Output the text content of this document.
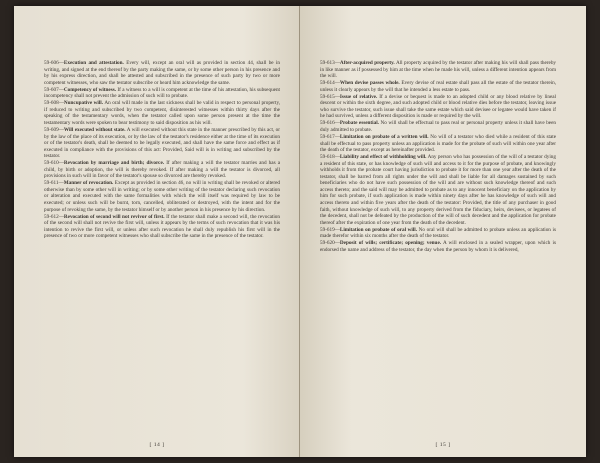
59-606—Execution and attestation. Every will, except an oral will as provided in section 44, shall be in writing, and signed at the end thereof by the party making the same, or by some other person in his presence and by his express direction, and shall be attested and subscribed in the presence of such party by two or more competent witnesses, who saw the testator subscribe or heard him acknowledge the same.

59-607—Competency of witness. If a witness to a will is competent at the time of his attestation, his subsequent incompetency shall not prevent the admission of such will to probate.

59-608—Nuncupative will. An oral will made in the last sickness shall be valid in respect to personal property, if reduced to writing and subscribed by two competent, disinterested witnesses within thirty days after the speaking of the testamentary words, when the testator called upon some person present at the time the testamentary words were spoken to bear testimony to said disposition as his will.

59-609—Will executed without state. A will executed without this state in the manner prescribed by this act, or by the law of the place of its execution, or by the law of the testator's residence either at the time of its execution or of the testator's death, shall be deemed to be legally executed, and shall have the same force and effect as if executed in compliance with the provisions of this act: Provided, Said will is in writing and subscribed by the testator.

59-610—Revocation by marriage and birth; divorce. If after making a will the testator marries and has a child, by birth or adoption, the will is thereby revoked. If after making a will the testator is divorced, all provisions in such will in favor of the testator's spouse so divorced are thereby revoked.

59-611—Manner of revocation. Except as provided in section 46, no will in writing shall be revoked or altered otherwise than by some other will in writing; or by some other writing of the testator declaring such revocation or alteration and executed with the same formalities with which the will itself was required by law to be executed; or unless such will be burnt, torn, cancelled, obliterated or destroyed, with the intent and for the purpose of revoking the same, by the testator himself or by another person in his presence by his direction.

59-612—Revocation of second will not revivor of first. If the testator shall make a second will, the revocation of the second will shall not revive the first will, unless it appears by the terms of such revocation that it was his intention to revive the first will, or unless after such revocation he shall duly republish his first will in the presence of two or more competent witnesses who shall subscribe the same in the presence of the testator.

[ 14 ]

59-613—After-acquired property. All property acquired by the testator after making his will shall pass thereby in like manner as if possessed by him at the time when he made his will, unless a different intention appears from the will.

59-614—When devise passes whole. Every devise of real estate shall pass all the estate of the testator therein, unless it clearly appears by the will that he intended a less estate to pass.

59-615—Issue of relative. If a devise or bequest is made to an adopted child or any blood relative by lineal descent or within the sixth degree, and such adopted child or blood relative dies before the testator, leaving issue who survive the testator, such issue shall take the same estate which said devisee or legatee would have taken if he had survived, unless a different disposition is made or required by the will.

59-616—Probate essential. No will shall be effectual to pass real or personal property unless it shall have been duly admitted to probate.

59-617—Limitation on probate of a written will. No will of a testator who died while a resident of this state shall be effectual to pass property unless an application is made for the probate of such will within one year after the death of the testator, except as hereinafter provided.

59-618—Liability and effect of withholding will. Any person who has possession of the will of a testator dying a resident of this state, or has knowledge of such will and access to it for the purpose of probate, and knowingly withholds it from the probate court having jurisdiction to probate it for more than one year after the death of the testator, shall be barred from all rights under the will and shall be liable for all damages sustained by such beneficiaries who do not have such possession of the will and are without such knowledge thereof and such access thereto; and the said will may be admitted to probate as to any innocent beneficiary on the application by him for such probate, if such application is made within ninety days after he has knowledge of such will and access thereto and within five years after the death of the testator: Provided, the title of any purchaser in good faith, without knowledge of such will, to any property derived from the fiduciary, heirs, devisees, or legatees of the decedent, shall not be defeated by the production of the will of such decedent and the application for probate thereof after the expiration of one year from the death of the decedent.

59-619—Limitation on probate of oral will. No oral will shall be admitted to probate unless an application is made therefor within six months after the death of the testator.

59-620—Deposit of wills; certificate; opening; venue. A will enclosed in a sealed wrapper, upon which is endorsed the name and address of the testator, the day when the person by whom it is delivered,

[ 15 ]
